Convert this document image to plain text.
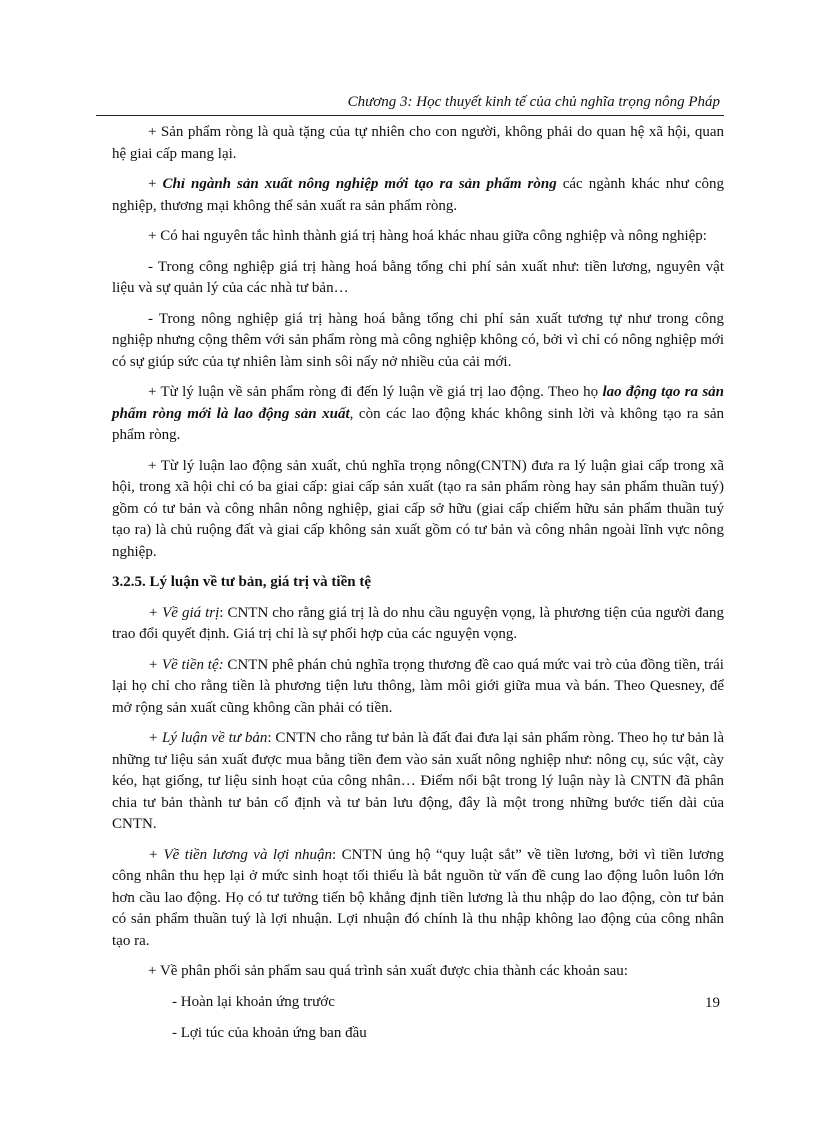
Chương 3: Học thuyết kinh tế của chủ nghĩa trọng nông Pháp

+ Sản phẩm ròng là quà tặng của tự nhiên cho con người, không phải do quan hệ xã hội, quan hệ giai cấp mang lại.

+ Chỉ ngành sản xuất nông nghiệp mới tạo ra sản phẩm ròng các ngành khác như công nghiệp, thương mại không thể sản xuất ra sản phẩm ròng.

+ Có hai nguyên tắc hình thành giá trị hàng hoá khác nhau giữa công nghiệp và nông nghiệp:

- Trong công nghiệp giá trị hàng hoá bằng tổng chi phí sản xuất như: tiền lương, nguyên vật liệu và sự quản lý của các nhà tư bản…

- Trong nông nghiệp giá trị hàng hoá bằng tổng chi phí sản xuất tương tự như trong công nghiệp nhưng cộng thêm với sản phẩm ròng mà công nghiệp không có, bởi vì chỉ có nông nghiệp mới có sự giúp sức của tự nhiên làm sinh sôi nẩy nở nhiều của cải mới.

+ Từ lý luận về sản phẩm ròng đi đến lý luận về giá trị lao động. Theo họ lao động tạo ra sản phẩm ròng mới là lao động sản xuất, còn các lao động khác không sinh lời và không tạo ra sản phẩm ròng.

+ Từ lý luận lao động sản xuất, chủ nghĩa trọng nông(CNTN) đưa ra lý luận giai cấp trong xã hội, trong xã hội chỉ có ba giai cấp: giai cấp sản xuất (tạo ra sản phẩm ròng hay sản phẩm thuần tuý) gồm có tư bản và công nhân nông nghiệp, giai cấp sở hữu (giai cấp chiếm hữu sản phẩm thuần tuý tạo ra) là chủ ruộng đất và giai cấp không sản xuất gồm có tư bản và công nhân ngoài lĩnh vực nông nghiệp.

3.2.5. Lý luận về tư bản, giá trị và tiền tệ

+ Về giá trị: CNTN cho rằng giá trị là do nhu cầu nguyện vọng, là phương tiện của người đang trao đổi quyết định. Giá trị chỉ là sự phối hợp của các nguyện vọng.

+ Về tiền tệ: CNTN phê phán chủ nghĩa trọng thương đề cao quá mức vai trò của đồng tiền, trái lại họ chỉ cho rằng tiền là phương tiện lưu thông, làm môi giới giữa mua và bán. Theo Quesney, để mở rộng sản xuất cũng không cần phải có tiền.

+ Lý luận về tư bản: CNTN cho rằng tư bản là đất đai đưa lại sản phẩm ròng. Theo họ tư bản là những tư liệu sản xuất được mua bằng tiền đem vào sản xuất nông nghiệp như: nông cụ, súc vật, cày kéo, hạt giống, tư liệu sinh hoạt của công nhân… Điểm nổi bật trong lý luận này là CNTN đã phân chia tư bản thành tư bản cố định và tư bản lưu động, đây là một trong những bước tiến dài của CNTN.

+ Về tiền lương và lợi nhuận: CNTN ủng hộ “quy luật sắt” về tiền lương, bởi vì tiền lương công nhân thu hẹp lại ở mức sinh hoạt tối thiểu là bắt nguồn từ vấn đề cung lao động luôn luôn lớn hơn cầu lao động. Họ có tư tưởng tiến bộ khẳng định tiền lương là thu nhập do lao động, còn tư bản có sản phẩm thuần tuý là lợi nhuận. Lợi nhuận đó chính là thu nhập không lao động của công nhân tạo ra.

+ Về phân phối sản phẩm sau quá trình sản xuất được chia thành các khoản sau:

- Hoàn lại khoản ứng trước

- Lợi túc của khoản ứng ban đầu

19
